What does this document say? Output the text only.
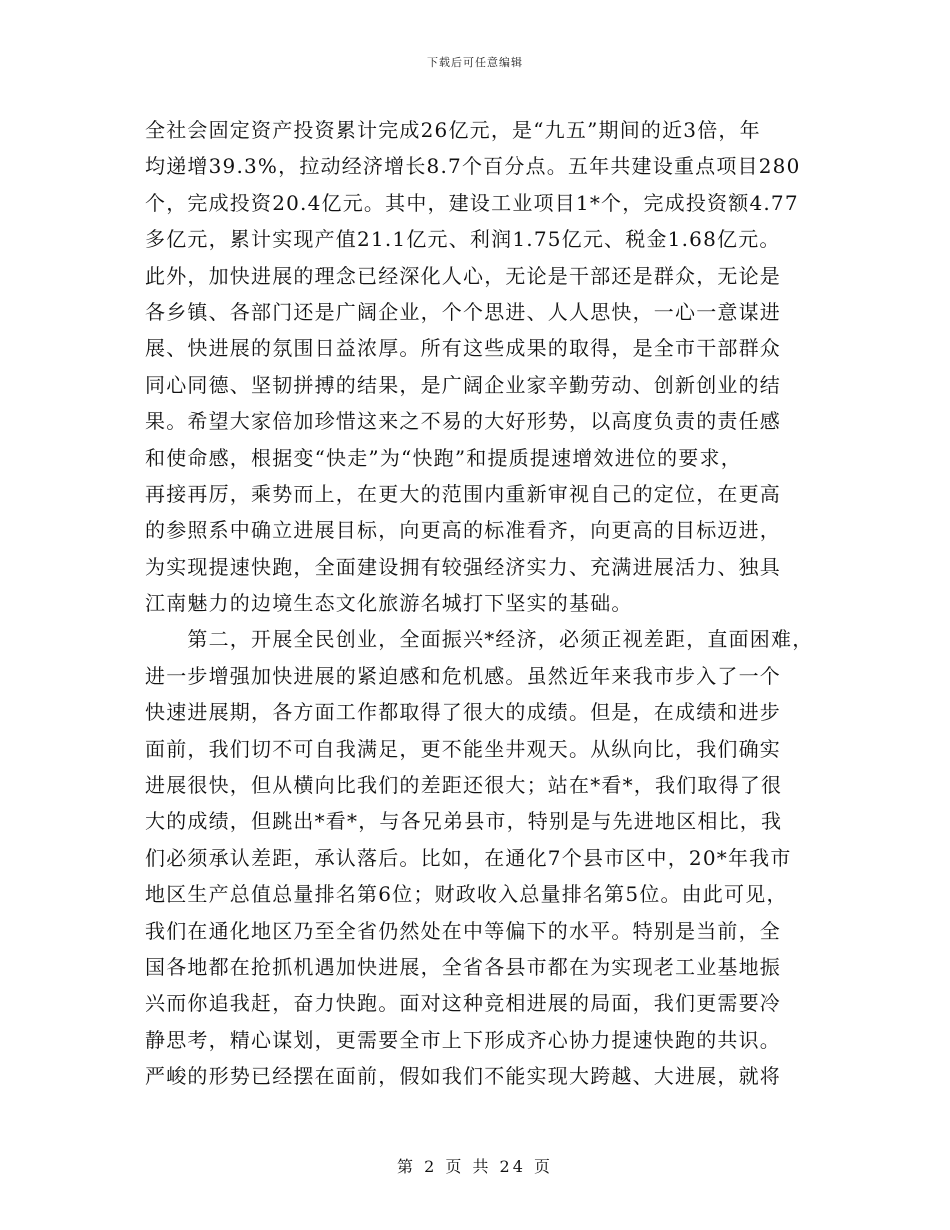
下载后可任意编辑
全社会固定资产投资累计完成26亿元，是“九五”期间的近3倍，年
均递增39.3%，拉动经济增长8.7个百分点。五年共建设重点项目280
个，完成投资20.4亿元。其中，建设工业项目1*个，完成投资额4.77
多亿元，累计实现产值21.1亿元、利润1.75亿元、税金1.68亿元。
此外，加快进展的理念已经深化人心，无论是干部还是群众，无论是
各乡镇、各部门还是广阔企业，个个思进、人人思快，一心一意谋进
展、快进展的氛围日益浓厚。所有这些成果的取得，是全市干部群众
同心同德、坚韧拼搏的结果，是广阔企业家辛勤劳动、创新创业的结
果。希望大家倍加珍惜这来之不易的大好形势，以高度负责的责任感
和使命感，根据变“快走”为“快跑”和提质提速增效进位的要求，
再接再厉，乘势而上，在更大的范围内重新审视自己的定位，在更高
的参照系中确立进展目标，向更高的标准看齐，向更高的目标迈进，
为实现提速快跑，全面建设拥有较强经济实力、充满进展活力、独具
江南魅力的边境生态文化旅游名城打下坚实的基础。
　　第二，开展全民创业，全面振兴*经济，必须正视差距，直面困难，
进一步增强加快进展的紧迫感和危机感。虽然近年来我市步入了一个
快速进展期，各方面工作都取得了很大的成绩。但是，在成绩和进步
面前，我们切不可自我满足，更不能坐井观天。从纵向比，我们确实
进展很快，但从横向比我们的差距还很大；站在*看*，我们取得了很
大的成绩，但跳出*看*，与各兄弟县市，特别是与先进地区相比，我
们必须承认差距，承认落后。比如，在通化7个县市区中，20*年我市
地区生产总值总量排名第6位；财政收入总量排名第5位。由此可见，
我们在通化地区乃至全省仍然处在中等偏下的水平。特别是当前，全
国各地都在抢抓机遇加快进展，全省各县市都在为实现老工业基地振
兴而你追我赶，奋力快跑。面对这种竞相进展的局面，我们更需要冷
静思考，精心谋划，更需要全市上下形成齐心协力提速快跑的共识。
严峻的形势已经摆在面前，假如我们不能实现大跨越、大进展，就将
第 2 页 共 24 页
